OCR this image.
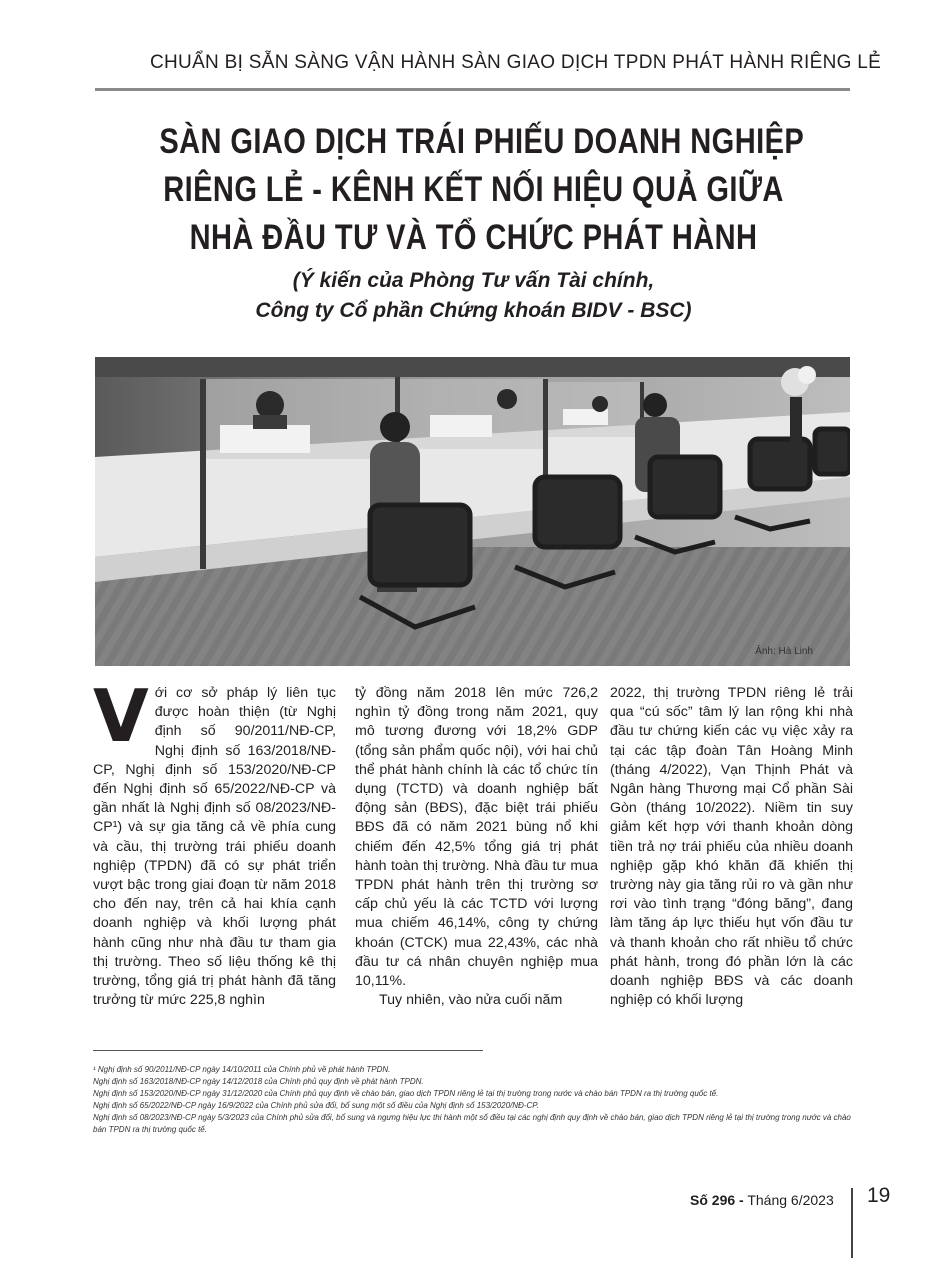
CHUẨN BỊ SẴN SÀNG VẬN HÀNH SÀN GIAO DỊCH TPDN PHÁT HÀNH RIÊNG LẺ
SÀN GIAO DỊCH TRÁI PHIẾU DOANH NGHIỆP
RIÊNG LẺ - KÊNH KẾT NỐI HIỆU QUẢ GIỮA
NHÀ ĐẦU TƯ VÀ TỔ CHỨC PHÁT HÀNH
(Ý kiến của Phòng Tư vấn Tài chính,
Công ty Cổ phần Chứng khoán BIDV - BSC)
Ảnh: Hà Linh

Với cơ sở pháp lý liên tục được hoàn thiện (từ Nghị định số 90/2011/NĐ-CP, Nghị định số 163/2018/NĐ-CP, Nghị định số 153/2020/NĐ-CP đến Nghị định số 65/2022/NĐ-CP và gần nhất là Nghị định số 08/2023/NĐ-CP¹) và sự gia tăng cả về phía cung và cầu, thị trường trái phiếu doanh nghiệp (TPDN) đã có sự phát triển vượt bậc trong giai đoạn từ năm 2018 cho đến nay, trên cả hai khía cạnh doanh nghiệp và khối lượng phát hành cũng như nhà đầu tư tham gia thị trường. Theo số liệu thống kê thị trường, tổng giá trị phát hành đã tăng trưởng từ mức 225,8 nghìn

tỷ đồng năm 2018 lên mức 726,2 nghìn tỷ đồng trong năm 2021, quy mô tương đương với 18,2% GDP (tổng sản phẩm quốc nội), với hai chủ thể phát hành chính là các tổ chức tín dụng (TCTD) và doanh nghiệp bất động sản (BĐS), đặc biệt trái phiếu BĐS đã có năm 2021 bùng nổ khi chiếm đến 42,5% tổng giá trị phát hành toàn thị trường. Nhà đầu tư mua TPDN phát hành trên thị trường sơ cấp chủ yếu là các TCTD với lượng mua chiếm 46,14%, công ty chứng khoán (CTCK) mua 22,43%, các nhà đầu tư cá nhân chuyên nghiệp mua 10,11%.

Tuy nhiên, vào nửa cuối năm

2022, thị trường TPDN riêng lẻ trải qua “cú sốc” tâm lý lan rộng khi nhà đầu tư chứng kiến các vụ việc xảy ra tại các tập đoàn Tân Hoàng Minh (tháng 4/2022), Vạn Thịnh Phát và Ngân hàng Thương mại Cổ phần Sài Gòn (tháng 10/2022). Niềm tin suy giảm kết hợp với thanh khoản dòng tiền trả nợ trái phiếu của nhiều doanh nghiệp gặp khó khăn đã khiến thị trường này gia tăng rủi ro và gần như rơi vào tình trạng “đóng băng”, đang làm tăng áp lực thiếu hụt vốn đầu tư và thanh khoản cho rất nhiều tổ chức phát hành, trong đó phần lớn là các doanh nghiệp BĐS và các doanh nghiệp có khối lượng

¹ Nghị định số 90/2011/NĐ-CP ngày 14/10/2011 của Chính phủ về phát hành TPDN.
Nghị định số 163/2018/NĐ-CP ngày 14/12/2018 của Chính phủ quy định về phát hành TPDN.
Nghị định số 153/2020/NĐ-CP ngày 31/12/2020 của Chính phủ quy định về chào bán, giao dịch TPDN riêng lẻ tại thị trường trong nước và chào bán TPDN ra thị trường quốc tế.
Nghị định số 65/2022/NĐ-CP ngày 16/9/2022 của Chính phủ sửa đổi, bổ sung một số điều của Nghị định số 153/2020/NĐ-CP.
Nghị định số 08/2023/NĐ-CP ngày 5/3/2023 của Chính phủ sửa đổi, bổ sung và ngưng hiệu lực thi hành một số điều tại các nghị định quy định về chào bán, giao dịch TPDN riêng lẻ tại thị trường trong nước và chào bán TPDN ra thị trường quốc tế.
Số 296 - Tháng 6/2023 19
